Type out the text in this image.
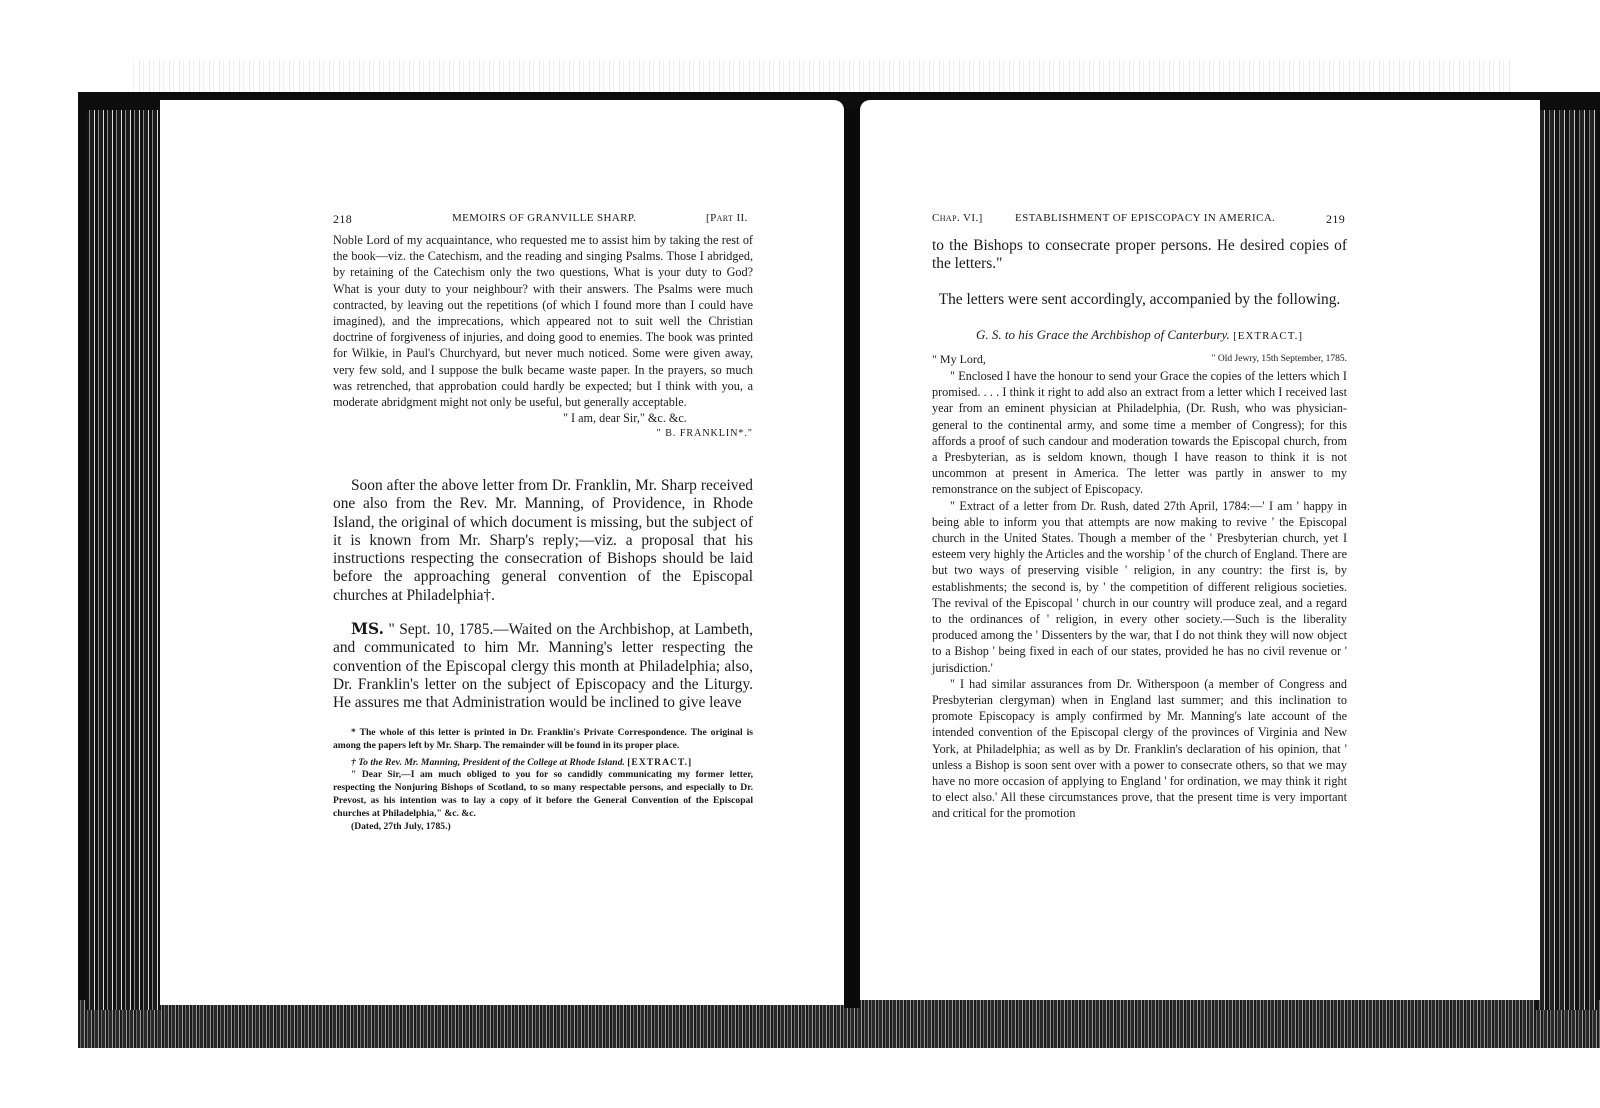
218	MEMOIRS OF GRANVILLE SHARP.	[Part II.

Noble Lord of my acquaintance, who requested me to assist him by taking the rest of the book—viz. the Catechism, and the reading and singing Psalms. Those I abridged, by retaining of the Catechism only the two questions, What is your duty to God? What is your duty to your neighbour? with their answers. The Psalms were much contracted, by leaving out the repetitions (of which I found more than I could have imagined), and the imprecations, which appeared not to suit well the Christian doctrine of forgiveness of injuries, and doing good to enemies. The book was printed for Wilkie, in Paul's Churchyard, but never much noticed. Some were given away, very few sold, and I suppose the bulk became waste paper. In the prayers, so much was retrenched, that approbation could hardly be expected; but I think with you, a moderate abridgment might not only be useful, but generally acceptable.

" I am, dear Sir," &c. &c.

" B. FRANKLIN*."

Soon after the above letter from Dr. Franklin, Mr. Sharp received one also from the Rev. Mr. Manning, of Providence, in Rhode Island, the original of which document is missing, but the subject of it is known from Mr. Sharp's reply;—viz. a proposal that his instructions respecting the consecration of Bishops should be laid before the approaching general convention of the Episcopal churches at Philadelphia†.
MS. " Sept. 10, 1785.—Waited on the Archbishop, at Lambeth, and communicated to him Mr. Manning's letter respecting the convention of the Episcopal clergy this month at Philadelphia; also, Dr. Franklin's letter on the subject of Episcopacy and the Liturgy. He assures me that Administration would be inclined to give leave

* The whole of this letter is printed in Dr. Franklin's Private Correspondence. The original is among the papers left by Mr. Sharp. The remainder will be found in its proper place.

† To the Rev. Mr. Manning, President of the College at Rhode Island. [EXTRACT.]

" Dear Sir,—I am much obliged to you for so candidly communicating my former letter, respecting the Nonjuring Bishops of Scotland, to so many respectable persons, and especially to Dr. Prevost, as his intention was to lay a copy of it before the General Convention of the Episcopal churches at Philadelphia," &c. &c.

(Dated, 27th July, 1785.)

Chap. VI.]	ESTABLISHMENT OF EPISCOPACY IN AMERICA.	219
to the Bishops to consecrate proper persons. He desired copies of the letters."
The letters were sent accordingly, accompanied by the following.
G. S. to his Grace the Archbishop of Canterbury. [EXTRACT.]
" My Lord,	" Old Jewry, 15th September, 1785.

" Enclosed I have the honour to send your Grace the copies of the letters which I promised. . . . I think it right to add also an extract from a letter which I received last year from an eminent physician at Philadelphia, (Dr. Rush, who was physician-general to the continental army, and some time a member of Congress); for this affords a proof of such candour and moderation towards the Episcopal church, from a Presbyterian, as is seldom known, though I have reason to think it is not uncommon at present in America. The letter was partly in answer to my remonstrance on the subject of Episcopacy.

" Extract of a letter from Dr. Rush, dated 27th April, 1784:—' I am ' happy in being able to inform you that attempts are now making to revive ' the Episcopal church in the United States. Though a member of the ' Presbyterian church, yet I esteem very highly the Articles and the worship ' of the church of England. There are but two ways of preserving visible ' religion, in any country: the first is, by establishments; the second is, by ' the competition of different religious societies. The revival of the Episcopal ' church in our country will produce zeal, and a regard to the ordinances of ' religion, in every other society.—Such is the liberality produced among the ' Dissenters by the war, that I do not think they will now object to a Bishop ' being fixed in each of our states, provided he has no civil revenue or ' jurisdiction.'

" I had similar assurances from Dr. Witherspoon (a member of Congress and Presbyterian clergyman) when in England last summer; and this inclination to promote Episcopacy is amply confirmed by Mr. Manning's late account of the intended convention of the Episcopal clergy of the provinces of Virginia and New York, at Philadelphia; as well as by Dr. Franklin's declaration of his opinion, that ' unless a Bishop is soon sent over with a power to consecrate others, so that we may have no more occasion of applying to England ' for ordination, we may think it right to elect also.' All these circumstances prove, that the present time is very important and critical for the promotion
